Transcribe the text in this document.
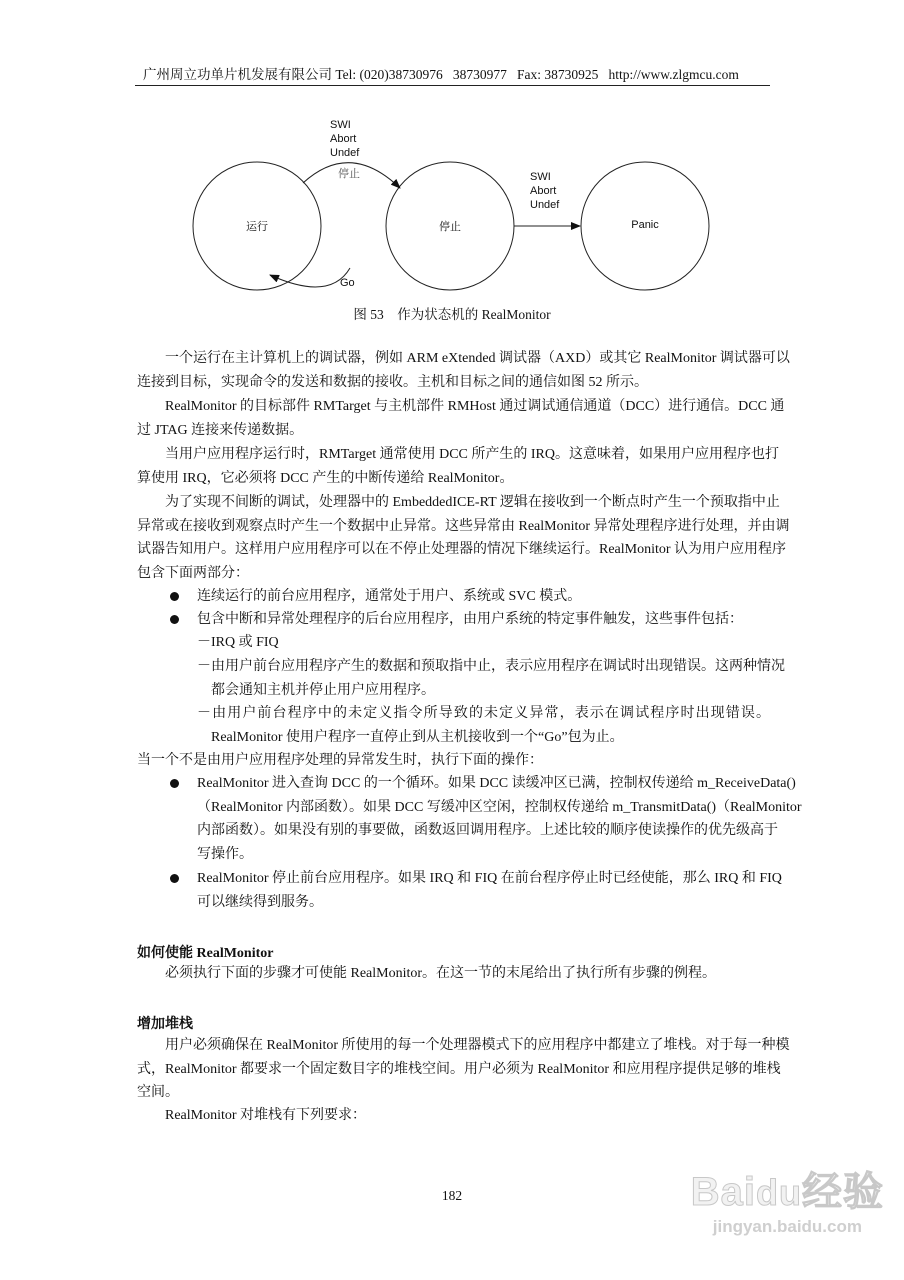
广州周立功单片机发展有限公司 Tel: (020)38730976   38730977   Fax: 38730925   http://www.zlgmcu.com
运行	停止	Panic
SWI
Abort
Undef
停止	SWI
Abort
Undef
Go
图 53　作为状态机的 RealMonitor
一个运行在主计算机上的调试器，例如 ARM eXtended 调试器（AXD）或其它 RealMonitor 调试器可以
连接到目标，实现命令的发送和数据的接收。主机和目标之间的通信如图 52 所示。
RealMonitor 的目标部件 RMTarget 与主机部件 RMHost 通过调试通信通道（DCC）进行通信。DCC 通
过 JTAG 连接来传递数据。
当用户应用程序运行时，RMTarget 通常使用 DCC 所产生的 IRQ。这意味着，如果用户应用程序也打
算使用 IRQ，它必须将 DCC 产生的中断传递给 RealMonitor。
为了实现不间断的调试，处理器中的 EmbeddedICE-RT 逻辑在接收到一个断点时产生一个预取指中止
异常或在接收到观察点时产生一个数据中止异常。这些异常由 RealMonitor 异常处理程序进行处理，并由调
试器告知用户。这样用户应用程序可以在不停止处理器的情况下继续运行。RealMonitor 认为用户应用程序
包含下面两部分：
连续运行的前台应用程序，通常处于用户、系统或 SVC 模式。
包含中断和异常处理程序的后台应用程序，由用户系统的特定事件触发，这些事件包括：
－IRQ 或 FIQ
－由用户前台应用程序产生的数据和预取指中止，表示应用程序在调试时出现错误。这两种情况
　都会通知主机并停止用户应用程序。
－由用户前台程序中的未定义指令所导致的未定义异常，表示在调试程序时出现错误。
　RealMonitor 使用户程序一直停止到从主机接收到一个“Go”包为止。
当一个不是由用户应用程序处理的异常发生时，执行下面的操作：
RealMonitor 进入查询 DCC 的一个循环。如果 DCC 读缓冲区已满，控制权传递给 m_ReceiveData()
（RealMonitor 内部函数）。如果 DCC 写缓冲区空闲，控制权传递给 m_TransmitData()（RealMonitor
内部函数）。如果没有别的事要做，函数返回调用程序。上述比较的顺序使读操作的优先级高于
写操作。
RealMonitor 停止前台应用程序。如果 IRQ 和 FIQ 在前台程序停止时已经使能，那么 IRQ 和 FIQ
可以继续得到服务。
如何使能 RealMonitor
必须执行下面的步骤才可使能 RealMonitor。在这一节的末尾给出了执行所有步骤的例程。
增加堆栈
用户必须确保在 RealMonitor 所使用的每一个处理器模式下的应用程序中都建立了堆栈。对于每一种模
式，RealMonitor 都要求一个固定数目字的堆栈空间。用户必须为 RealMonitor 和应用程序提供足够的堆栈
空间。
RealMonitor 对堆栈有下列要求：
182	Baidu经验
jingyan.baidu.com
